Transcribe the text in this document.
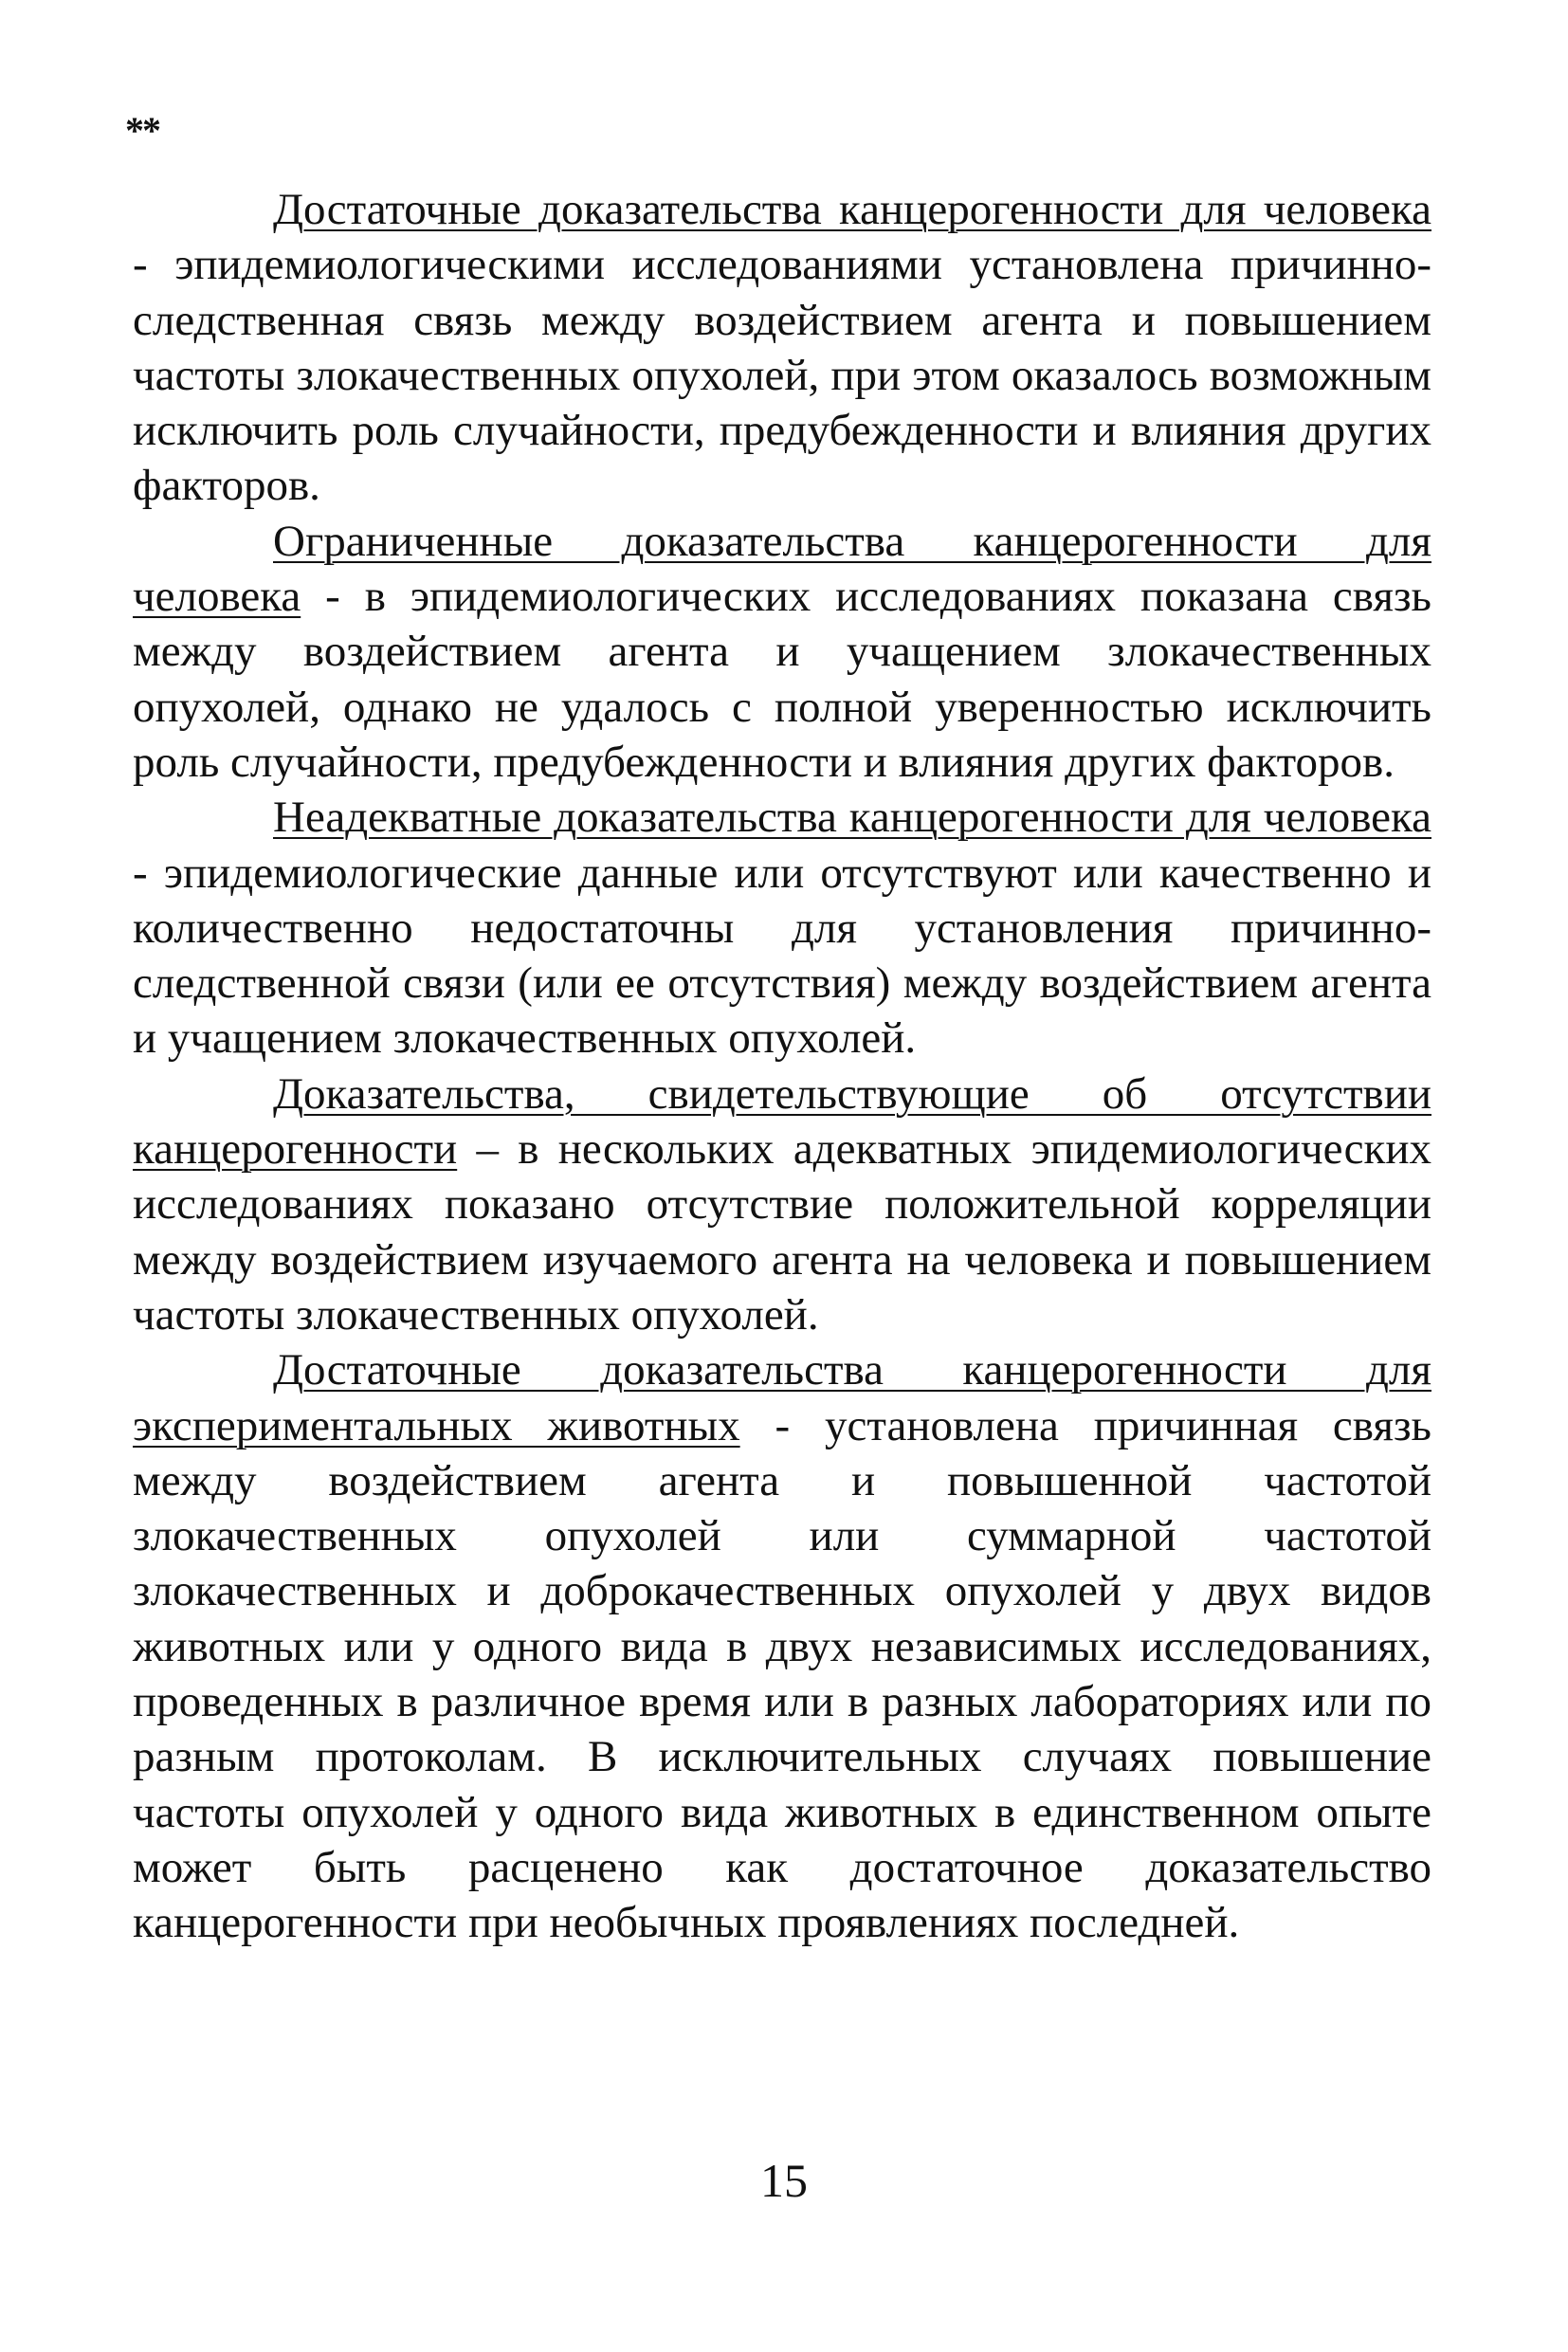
**

Достаточные доказательства канцерогенности для человека - эпидемиологическими исследованиями установлена причинно-следственная связь между воздействием агента и повышением частоты злокачественных опухолей, при этом оказалось возможным исключить роль случайности, предубежденности и влияния других факторов.

Ограниченные доказательства канцерогенности для человека - в эпидемиологических исследованиях показана связь между воздействием агента и учащением злокачественных опухолей, однако не удалось с полной уверенностью исключить роль случайности, предубежденности и влияния других факторов.

Неадекватные доказательства канцерогенности для человека - эпидемиологические данные или отсутствуют или качественно и количественно недостаточны для установления причинно-следственной связи (или ее отсутствия) между воздействием агента и учащением злокачественных опухолей.

Доказательства, свидетельствующие об отсутствии канцерогенности – в нескольких адекватных эпидемиологических исследованиях показано отсутствие положительной корреляции между воздействием изучаемого агента на человека и повышением частоты злокачественных опухолей.

Достаточные доказательства канцерогенности для экспериментальных животных - установлена причинная связь между воздействием агента и повышенной частотой злокачественных опухолей или суммарной частотой злокачественных и доброкачественных опухолей у двух видов животных или у одного вида в двух независимых исследованиях, проведенных в различное время или в разных лабораториях или по разным протоколам. В исключительных случаях повышение частоты опухолей у одного вида животных в единственном опыте может быть расценено как достаточное доказательство канцерогенности при необычных проявлениях последней.

15
